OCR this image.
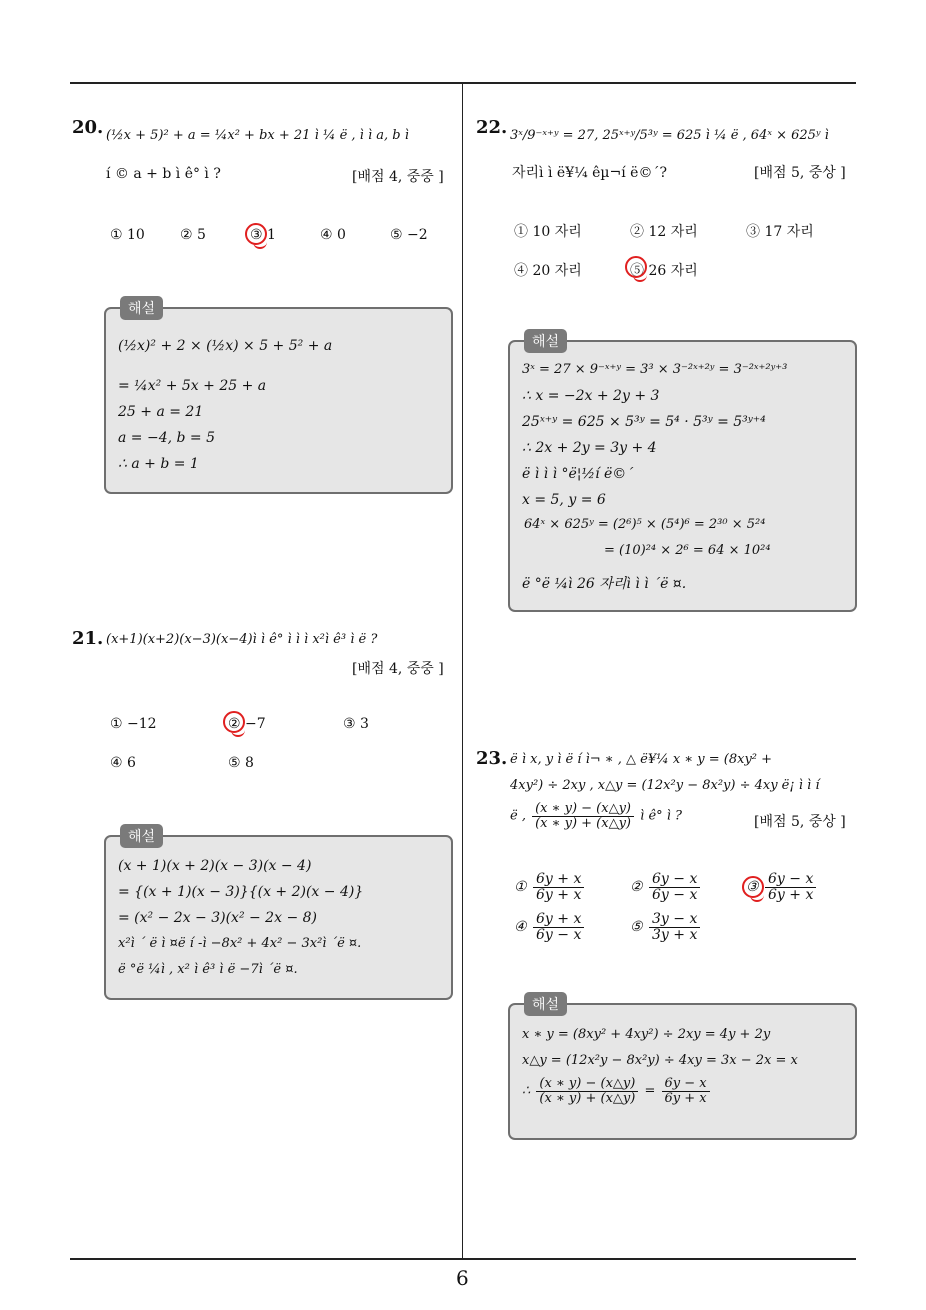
6
20. (½x + 5)² + a = ¼x² + bx + 21 ì ¼ ë , ì ì a, b ì
í © a + b ì ê° ì ?	[배점 4, 중중 ]
① 10	② 5	③ 1	④ 0	⑤ −2
해설
(½x)² + 2 × (½x) × 5 + 5² + a
= ¼x² + 5x + 25 + a
25 + a = 21
a = −4, b = 5
∴ a + b = 1
21. (x+1)(x+2)(x−3)(x−4)ì ì ê° ì ì ì x²ì ê³ ì ë ?
[배점 4, 중중 ]
① −12	② −7	③ 3
④ 6	⑤ 8
해설
(x + 1)(x + 2)(x − 3)(x − 4)
= {(x + 1)(x − 3)}{(x + 2)(x − 4)}
= (x² − 2x − 3)(x² − 2x − 8)
x²ì ´ ë ì ¤ë í -ì −8x² + 4x² − 3x²ì ´ë ¤.
ë °ë ¼ì , x² ì ê³ ì ë −7ì ´ë ¤.
22. 3ˣ/9⁻ˣ⁺ʸ = 27, 25ˣ⁺ʸ/5³ʸ = 625 ì ¼ ë , 64ˣ × 625ʸ ì
자리ì ì ë¥¼ êµ¬í ë©´?	[배점 5, 중상 ]
① 10 자리	② 12 자리	③ 17 자리
④ 20 자리	⑤ 26 자리
해설
3ˣ = 27 × 9⁻ˣ⁺ʸ = 3³ × 3⁻²ˣ⁺²ʸ = 3⁻²ˣ⁺²ʸ⁺³
∴ x = −2x + 2y + 3
25ˣ⁺ʸ = 625 × 5³ʸ = 5⁴ · 5³ʸ = 5³ʸ⁺⁴
∴ 2x + 2y = 3y + 4
ë ì ì ì °ë¦½í ë©´
x = 5, y = 6
64ˣ × 625ʸ = (2⁶)⁵ × (5⁴)⁶ = 2³⁰ × 5²⁴
= (10)²⁴ × 2⁶ = 64 × 10²⁴
ë °ë ¼ì 26 자리ì ì ì ´ë ¤.
23. ë ì x, y ì ë í ì¬ ∗ , △ ë¥¼ x ∗ y = (8xy² +
4xy²) ÷ 2xy , x△y = (12x²y − 8x²y) ÷ 4xy ë¡ ì ì í
ë , $\frac{(x ∗ y) - (x\triangle y)}{(x ∗ y) + (x\triangle y)}$ ì ê° ì ?	[배점 5, 중상 ]
① $\frac{6y + x}{6y + x}$	② $\frac{6y - x}{6y - x}$	③ $\frac{6y - x}{6y + x}$
④ $\frac{6y + x}{6y - x}$	⑤ $\frac{3y - x}{3y + x}$
해설
x ∗ y = (8xy² + 4xy²) ÷ 2xy = 4y + 2y
x△y = (12x²y − 8x²y) ÷ 4xy = 3x − 2x = x
∴ $\frac{(x ∗ y) - (x\triangle y)}{(x ∗ y) + (x\triangle y)} = \frac{6y - x}{6y + x}$
